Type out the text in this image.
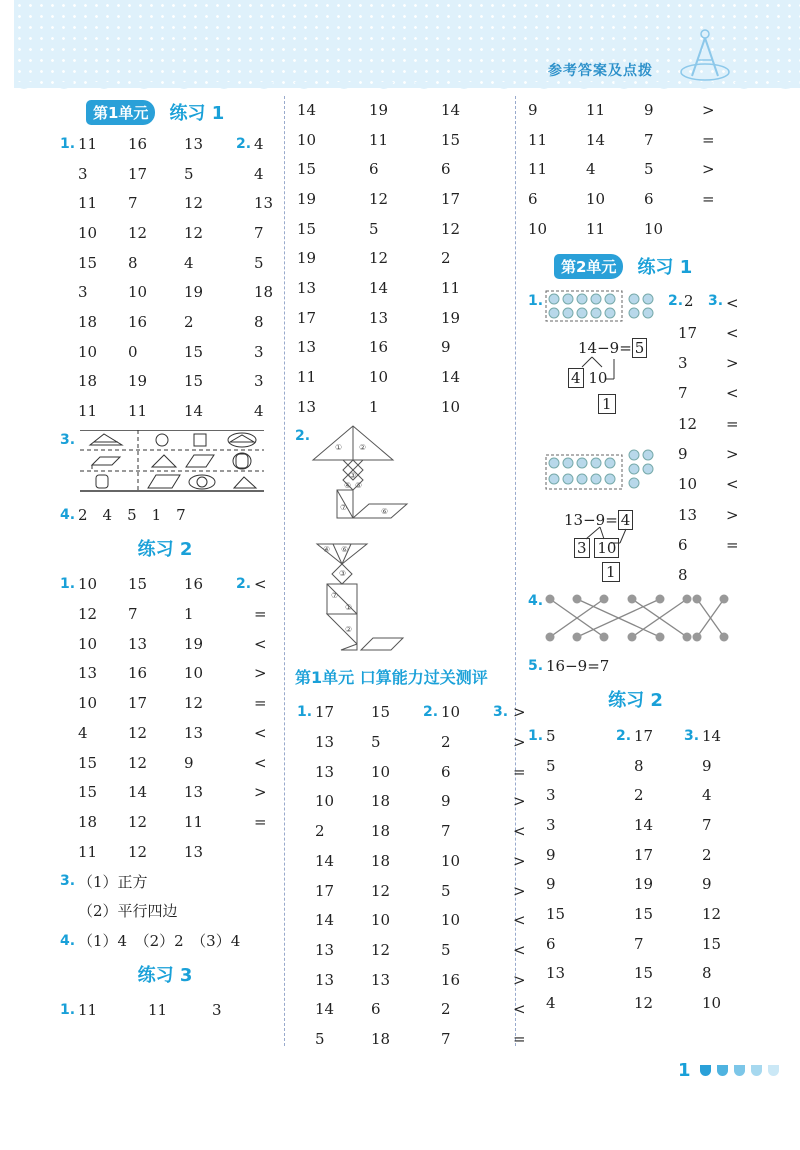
参考答案及点拨
第1单元	练习 1
1. 11	16	13	2. 4
3	17	5	4
11	7	12	13
10	12	12	7
15	8	4	5
3	10	19	18
18	16	2	8
10	0	15	3
18	19	15	3
11	11	14	4
3.
4. 2　4　5　1　7
练习 2
1. 10	15	16	2. <
12	7	1	=
10	13	19	<
13	16	10	>
10	17	12	=
4	12	13	<
15	12	9	<
15	14	13	>
18	12	11	=
11	12	13
3. （1）正方
（2）平行四边
4. （1）4　（2）2　（3）4
练习 3
1. 11	11	3
14	19	14
10	11	15
15	6	6
19	12	17
15	5	12
19	12	2
13	14	11
17	13	19
13	16	9
11	10	14
13	1	10
2.
① ②
③
④ ⑤
⑦	⑥
④ ⑥
③
⑦
①
②
第1单元 口算能力过关测评
1. 17	15	2. 10	3. >
13	5	2	>
13	10	6	=
10	18	9	>
2	18	7	<
14	18	10	>
17	12	5	>
14	10	10	<
13	12	5	<
13	13	16	>
14	6	2	<
5	18	7	=
9	11	9	>
11	14	7	=
11	4	5	>
6	10	6	=
10	11	10
第2单元	练习 1
1.	2. 2 3. <
17	<
3	>
7	<
12	=
9	>
10	<
13	>
6	=
8
14−9= 5
4 10
1
13−9= 4
3 10
1
4.
5. 16−9=7
练习 2
1. 5	2. 17	3. 14
5	8	9
3	2	4
3	14	7
9	17	2
9	19	9
15	15	12
6	7	15
13	15	8
4	12	10
1
